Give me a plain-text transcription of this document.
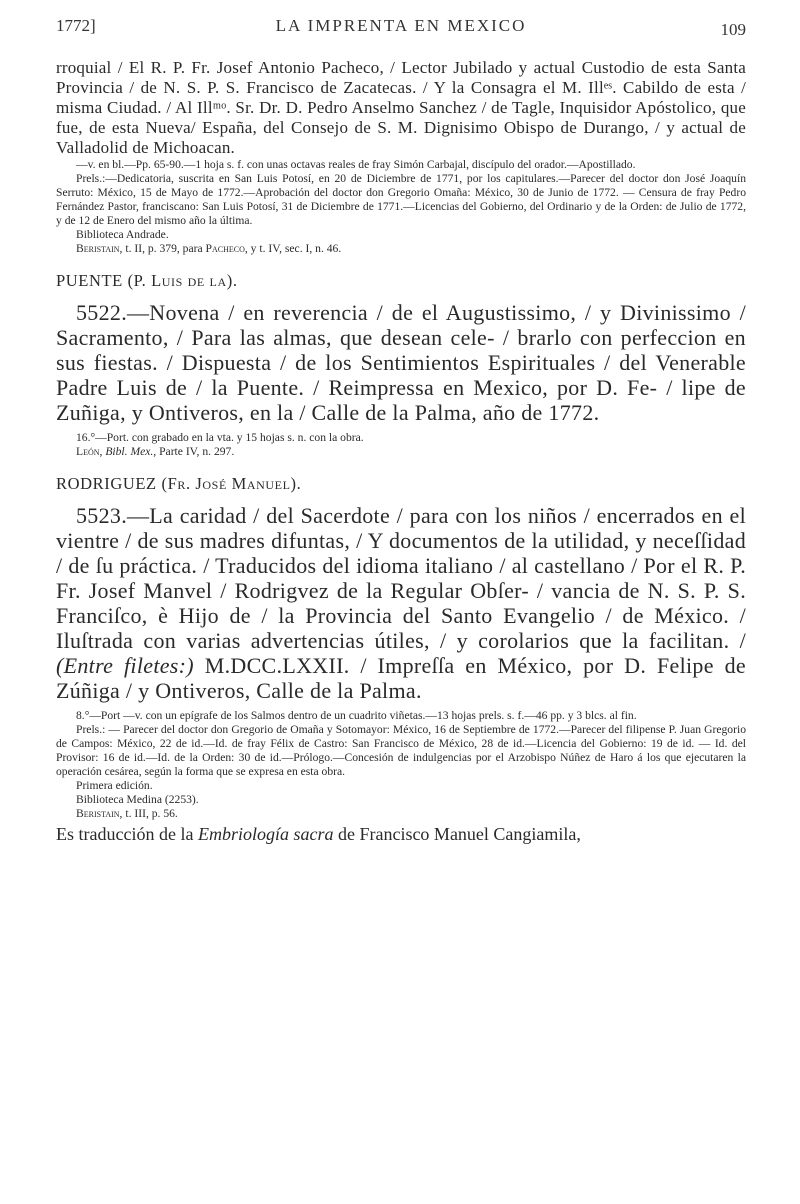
1772]	LA IMPRENTA EN MEXICO	109

rroquial / El R. P. Fr. Josef Antonio Pacheco, / Lector Jubilado y actual Custodio de esta Santa Provincia / de N. S. P. S. Francisco de Zacatecas. / Y la Consagra el M. Illᵉˢ. Cabildo de esta / misma Ciudad. / Al Illᵐᵒ. Sr. Dr. D. Pedro Anselmo Sanchez / de Tagle, Inquisidor Apóstolico, que fue, de esta Nueva/ España, del Consejo de S. M. Dignisimo Obispo de Durango, / y actual de Valladolid de Michoacan.

—v. en bl.—Pp. 65-90.—1 hoja s. f. con unas octavas reales de fray Simón Carbajal, discípulo del orador.—Apostillado.

Prels.:—Dedicatoria, suscrita en San Luis Potosí, en 20 de Diciembre de 1771, por los capitulares.—Parecer del doctor don José Joaquín Serruto: México, 15 de Mayo de 1772.—Aprobación del doctor don Gregorio Omaña: México, 30 de Junio de 1772. — Censura de fray Pedro Fernández Pastor, franciscano: San Luis Potosí, 31 de Diciembre de 1771.—Licencias del Gobierno, del Ordinario y de la Orden: de Julio de 1772, y de 12 de Enero del mismo año la última.

Biblioteca Andrade.

Beristain, t. II, p. 379, para Pacheco, y t. IV, sec. I, n. 46.

PUENTE (P. Luis de la).

5522.—Novena / en reverencia / de el Augustissimo, / y Divinissimo / Sacramento, / Para las almas, que desean cele- / brarlo con perfeccion en sus fiestas. / Dispuesta / de los Sentimientos Espirituales / del Venerable Padre Luis de / la Puente. / Reimpressa en Mexico, por D. Fe- / lipe de Zuñiga, y Ontiveros, en la / Calle de la Palma, año de 1772.

16.°—Port. con grabado en la vta. y 15 hojas s. n. con la obra.

León, Bibl. Mex., Parte IV, n. 297.

RODRIGUEZ (Fr. José Manuel).

5523.—La caridad / del Sacerdote / para con los niños / encerrados en el vientre / de sus madres difuntas, / Y documentos de la utilidad, y neceſſidad / de ſu práctica. / Traducidos del idioma italiano / al castellano / Por el R. P. Fr. Josef Manvel / Rodrigvez de la Regular Obſer- / vancia de N. S. P. S. Franciſco, è Hijo de / la Provincia del Santo Evangelio / de México. / Iluſtrada con varias advertencias útiles, / y corolarios que la facilitan. / (Entre filetes:) M.DCC.LXXII. / Impreſſa en México, por D. Felipe de Zúñiga / y Ontiveros, Calle de la Palma.

8.°—Port —v. con un epígrafe de los Salmos dentro de un cuadrito viñetas.—13 hojas prels. s. f.—46 pp. y 3 blcs. al fin.

Prels.: — Parecer del doctor don Gregorio de Omaña y Sotomayor: México, 16 de Septiembre de 1772.—Parecer del filipense P. Juan Gregorio de Campos: México, 22 de id.—Id. de fray Félix de Castro: San Francisco de México, 28 de id.—Licencia del Gobierno: 19 de id. — Id. del Provisor: 16 de id.—Id. de la Orden: 30 de id.—Prólogo.—Concesión de indulgencias por el Arzobispo Núñez de Haro á los que ejecutaren la operación cesárea, según la forma que se expresa en esta obra.

Primera edición.

Biblioteca Medina (2253).

Beristain, t. III, p. 56.

Es traducción de la Embriología sacra de Francisco Manuel Cangiamila,
